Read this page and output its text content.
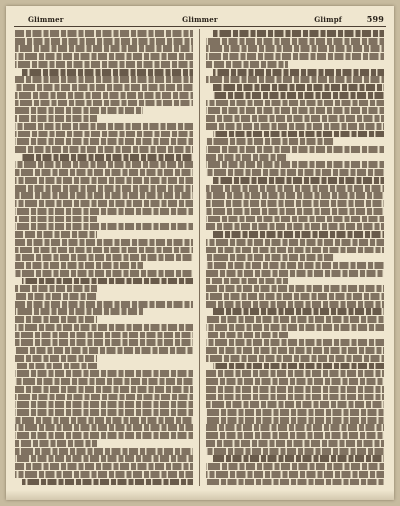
Glimmer	Glimmer	Glimpf	599
